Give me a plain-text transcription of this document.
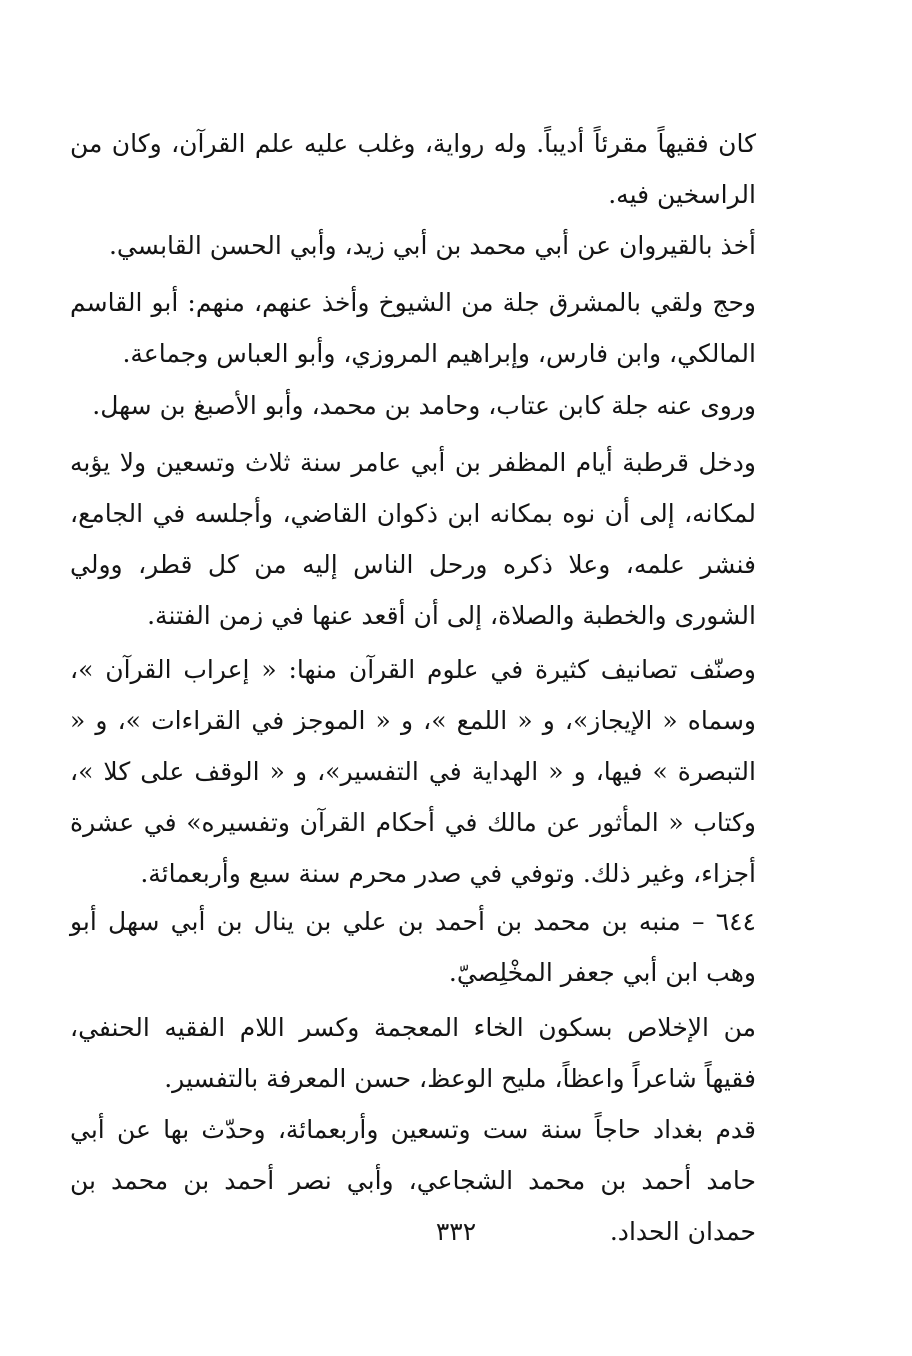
كان فقيهاً مقرئاً أديباً. وله رواية، وغلب عليه علم القرآن، وكان من الراسخين فيه.

أخذ بالقيروان عن أبي محمد بن أبي زيد، وأبي الحسن القابسي.

وحج ولقي بالمشرق جلة من الشيوخ وأخذ عنهم، منهم: أبو القاسم المالكي، وابن فارس، وإبراهيم المروزي، وأبو العباس وجماعة.

وروى عنه جلة كابن عتاب، وحامد بن محمد، وأبو الأصبغ بن سهل.

ودخل قرطبة أيام المظفر بن أبي عامر سنة ثلاث وتسعين ولا يؤبه لمكانه، إلى أن نوه بمكانه ابن ذكوان القاضي، وأجلسه في الجامع، فنشر علمه، وعلا ذكره ورحل الناس إليه من كل قطر، وولي الشورى والخطبة والصلاة، إلى أن أقعد عنها في زمن الفتنة.

وصنّف تصانيف كثيرة في علوم القرآن منها: « إعراب القرآن »، وسماه « الإيجاز»، و « اللمع »، و « الموجز في القراءات »، و « التبصرة » فيها، و « الهداية في التفسير»، و « الوقف على كلا »، وكتاب « المأثور عن مالك في أحكام القرآن وتفسيره» في عشرة أجزاء، وغير ذلك. وتوفي في صدر محرم سنة سبع وأربعمائة.

٦٤٤ – منبه بن محمد بن أحمد بن علي بن ينال بن أبي سهل أبو وهب ابن أبي جعفر المخْلِصيّ.

من الإخلاص بسكون الخاء المعجمة وكسر اللام الفقيه الحنفي، فقيهاً شاعراً واعظاً، مليح الوعظ، حسن المعرفة بالتفسير.

قدم بغداد حاجاً سنة ست وتسعين وأربعمائة، وحدّث بها عن أبي حامد أحمد بن محمد الشجاعي، وأبي نصر أحمد بن محمد بن حمدان الحداد.

٣٣٢
